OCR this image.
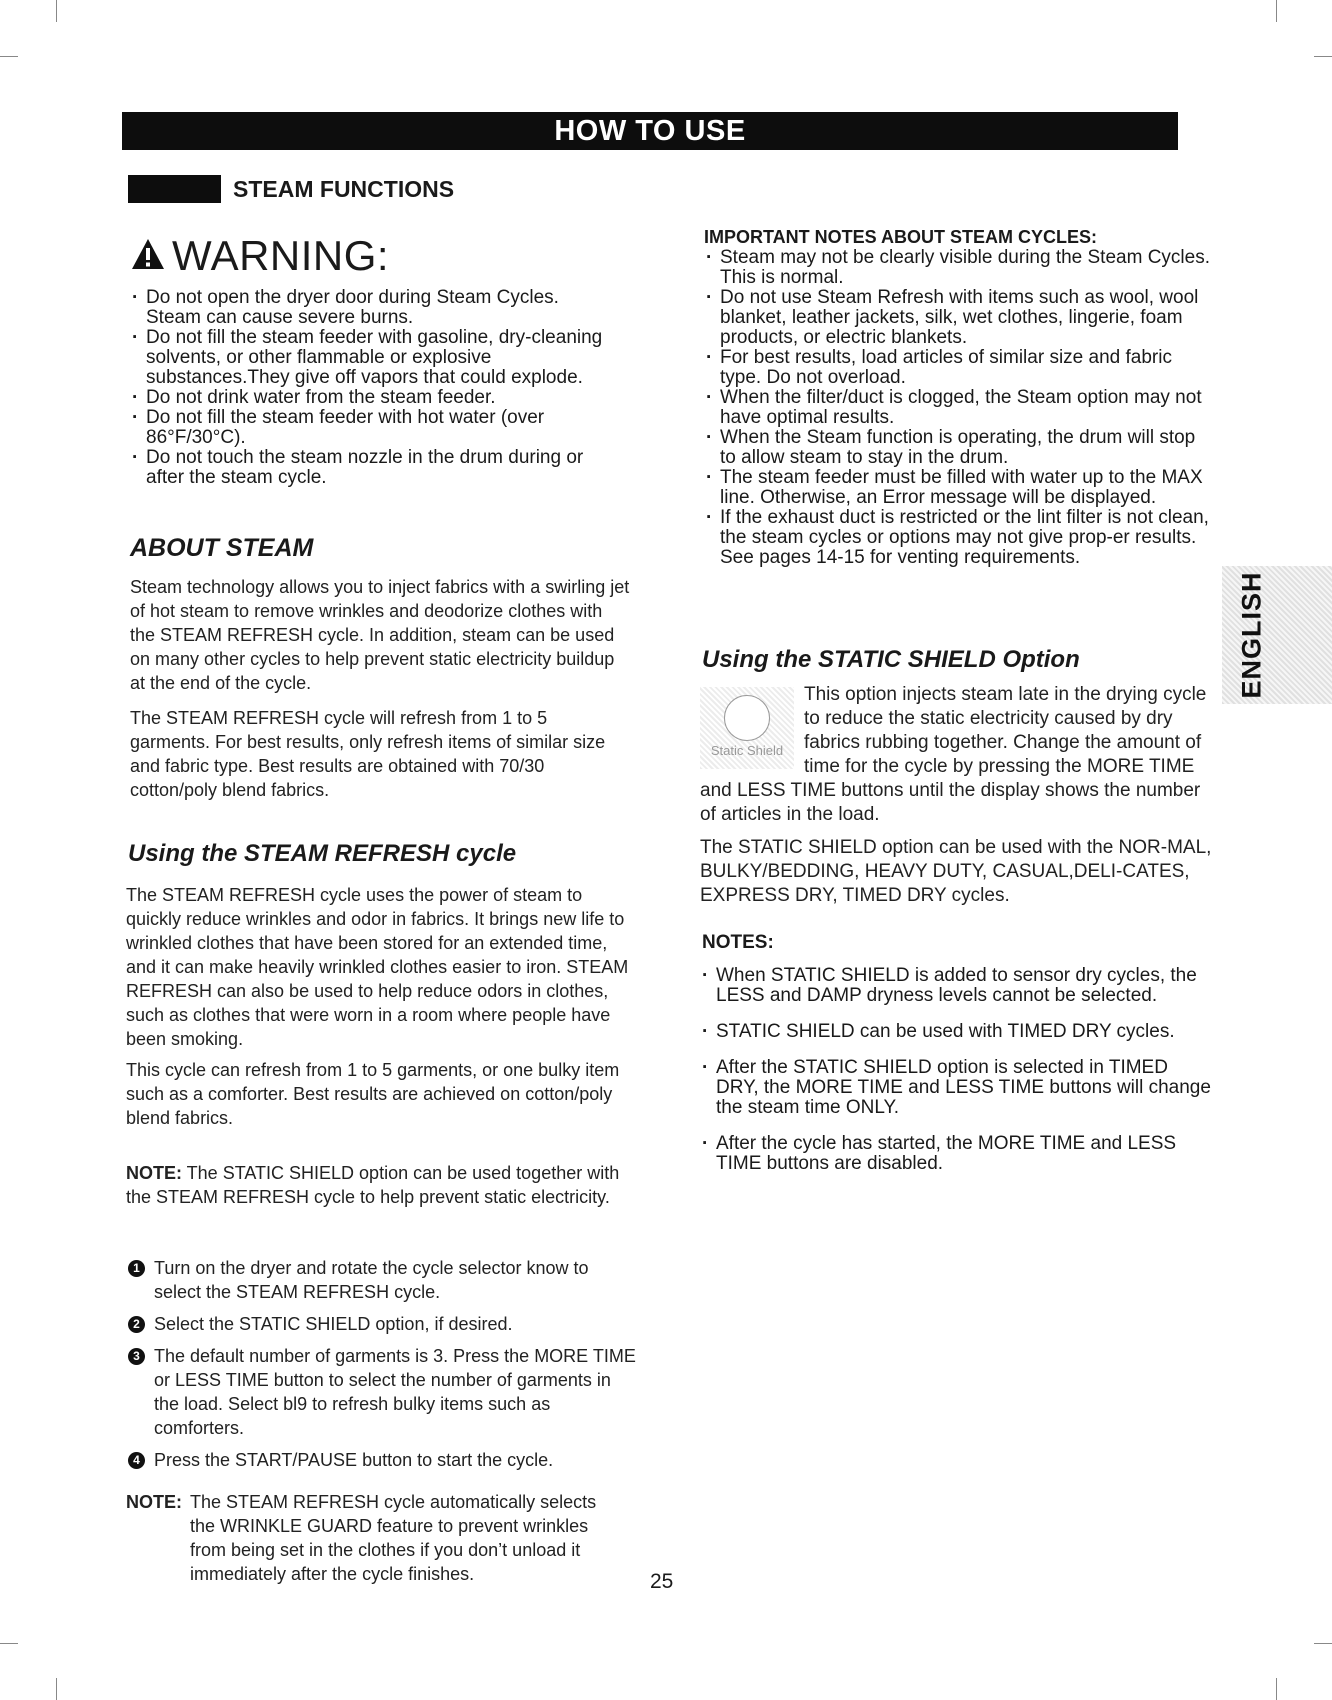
HOW TO USE
STEAM FUNCTIONS
WARNING:
· Do not open the dryer door during Steam Cycles. Steam can cause severe burns.
· Do not fill the steam feeder with gasoline, dry-cleaning solvents, or other flammable or explosive substances.They give off vapors that could explode.
· Do not drink water from the steam feeder.
· Do not fill the steam feeder with hot water (over 86°F/30°C).
· Do not touch the steam nozzle in the drum during or after the steam cycle.
ABOUT STEAM

Steam technology allows you to inject fabrics with a swirling jet of hot steam to remove wrinkles and deodorize clothes with the STEAM REFRESH cycle. In addition, steam can be used on many other cycles to help prevent static electricity buildup at the end of the cycle.

The STEAM REFRESH cycle will refresh from 1 to 5 garments. For best results, only refresh items of similar size and fabric type. Best results are obtained with 70/30 cotton/poly blend fabrics.

Using the STEAM REFRESH cycle

The STEAM REFRESH cycle uses the power of steam to quickly reduce wrinkles and odor in fabrics. It brings new life to wrinkled clothes that have been stored for an extended time, and it can make heavily wrinkled clothes easier to iron. STEAM REFRESH can also be used to help reduce odors in clothes, such as clothes that were worn in a room where people have been smoking.

This cycle can refresh from 1 to 5 garments, or one bulky item such as a comforter. Best results are achieved on cotton/poly blend fabrics.

NOTE: The STATIC SHIELD option can be used together with the STEAM REFRESH cycle to help prevent static electricity.

1 Turn on the dryer and rotate the cycle selector know to select the STEAM REFRESH cycle.
2 Select the STATIC SHIELD option, if desired.
3 The default number of garments is 3. Press the MORE TIME or LESS TIME button to select the number of garments in the load. Select bl9 to refresh bulky items such as comforters.
4 Press the START/PAUSE button to start the cycle.
NOTE: The STEAM REFRESH cycle automatically selects the WRINKLE GUARD feature to prevent wrinkles from being set in the clothes if you don’t unload it immediately after the cycle finishes.	25
IMPORTANT NOTES ABOUT STEAM CYCLES:
· Steam may not be clearly visible during the Steam Cycles. This is normal.
· Do not use Steam Refresh with items such as wool, wool blanket, leather jackets, silk, wet clothes, lingerie, foam products, or electric blankets.
· For best results, load articles of similar size and fabric type. Do not overload.
· When the filter/duct is clogged, the Steam option may not have optimal results.
· When the Steam function is operating, the drum will stop to allow steam to stay in the drum.
· The steam feeder must be filled with water up to the MAX line. Otherwise, an Error message will be displayed.
· If the exhaust duct is restricted or the lint filter is not clean, the steam cycles or options may not give prop-er results. See pages 14-15 for venting requirements.
Using the STATIC SHIELD Option
Static Shield
This option injects steam late in the drying cycle to reduce the static electricity caused by dry fabrics rubbing together. Change the amount of time for the cycle by pressing the MORE TIME and LESS TIME buttons until the display shows the number of articles in the load.

The STATIC SHIELD option can be used with the NOR-MAL, BULKY/BEDDING, HEAVY DUTY, CASUAL,DELI-CATES, EXPRESS DRY, TIMED DRY cycles.

NOTES:
· When STATIC SHIELD is added to sensor dry cycles, the LESS and DAMP dryness levels cannot be selected.
· STATIC SHIELD can be used with TIMED DRY cycles.
· After the STATIC SHIELD option is selected in TIMED DRY, the MORE TIME and LESS TIME buttons will change the steam time ONLY.
· After the cycle has started, the MORE TIME and LESS TIME buttons are disabled.
ENGLISH
